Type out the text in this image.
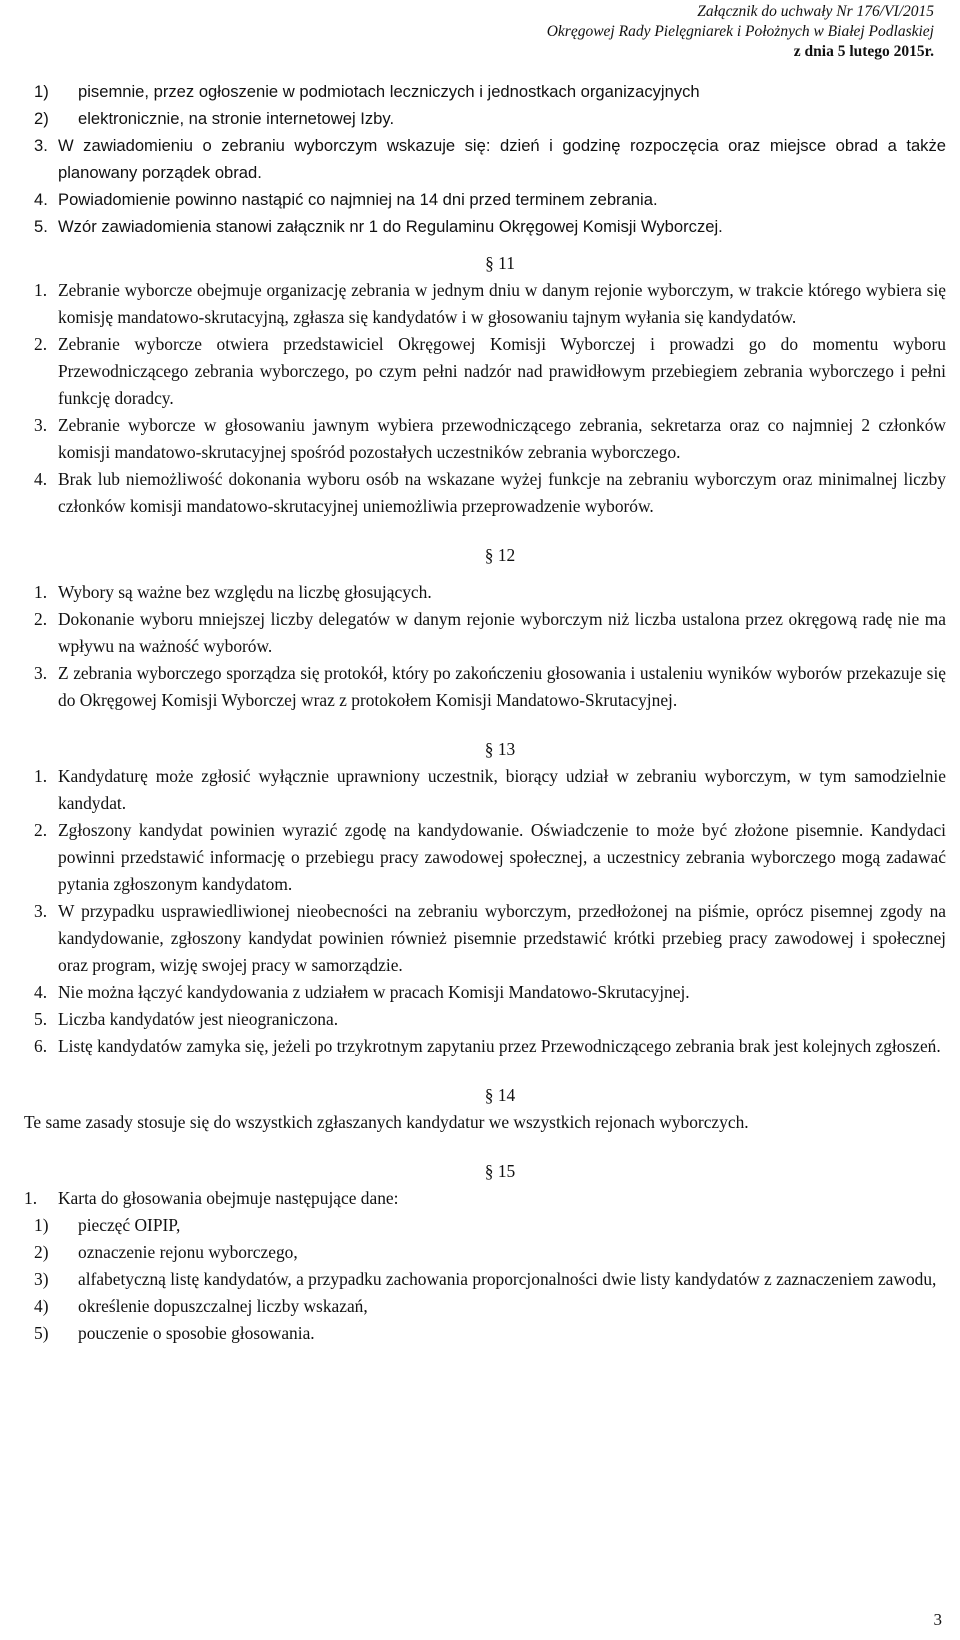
Załącznik do uchwały Nr 176/VI/2015
Okręgowej Rady Pielęgniarek i Położnych w Białej Podlaskiej
z dnia 5 lutego 2015r.
1) pisemnie, przez ogłoszenie w podmiotach leczniczych i jednostkach organizacyjnych
2) elektronicznie, na stronie internetowej Izby.
3. W zawiadomieniu o zebraniu wyborczym wskazuje się: dzień i godzinę rozpoczęcia oraz miejsce obrad a także planowany porządek obrad.
4. Powiadomienie powinno nastąpić co najmniej na 14 dni przed terminem zebrania.
5. Wzór zawiadomienia stanowi załącznik nr 1 do Regulaminu Okręgowej Komisji Wyborczej.
§ 11
1. Zebranie wyborcze obejmuje organizację zebrania w jednym dniu w danym rejonie wyborczym, w trakcie którego wybiera się komisję mandatowo-skrutacyjną, zgłasza się kandydatów i w głosowaniu tajnym wyłania się kandydatów.
2. Zebranie wyborcze otwiera przedstawiciel Okręgowej Komisji Wyborczej i prowadzi go do momentu wyboru Przewodniczącego zebrania wyborczego, po czym pełni nadzór nad prawidłowym przebiegiem zebrania wyborczego i pełni funkcję doradcy.
3. Zebranie wyborcze w głosowaniu jawnym wybiera przewodniczącego zebrania, sekretarza oraz co najmniej 2 członków komisji mandatowo-skrutacyjnej spośród pozostałych uczestników zebrania wyborczego.
4. Brak lub niemożliwość dokonania wyboru osób na wskazane wyżej funkcje na zebraniu wyborczym oraz minimalnej liczby członków komisji mandatowo-skrutacyjnej uniemożliwia przeprowadzenie wyborów.
§ 12
1. Wybory są ważne bez względu na liczbę głosujących.
2. Dokonanie wyboru mniejszej liczby delegatów w danym rejonie wyborczym niż liczba ustalona przez okręgową radę nie ma wpływu na ważność wyborów.
3. Z zebrania wyborczego sporządza się protokół, który po zakończeniu głosowania i ustaleniu wyników wyborów przekazuje się do Okręgowej Komisji Wyborczej wraz z protokołem Komisji Mandatowo-Skrutacyjnej.
§ 13
1. Kandydaturę może zgłosić wyłącznie uprawniony uczestnik, biorący udział w zebraniu wyborczym, w tym samodzielnie kandydat.
2. Zgłoszony kandydat powinien wyrazić zgodę na kandydowanie. Oświadczenie to może być złożone pisemnie. Kandydaci powinni przedstawić informację o przebiegu pracy zawodowej społecznej, a uczestnicy zebrania wyborczego mogą zadawać pytania zgłoszonym kandydatom.
3. W przypadku usprawiedliwionej nieobecności na zebraniu wyborczym, przedłożonej na piśmie, oprócz pisemnej zgody na kandydowanie, zgłoszony kandydat powinien również pisemnie przedstawić krótki przebieg pracy zawodowej i społecznej oraz program, wizję swojej pracy w samorządzie.
4. Nie można łączyć kandydowania z udziałem w pracach Komisji Mandatowo-Skrutacyjnej.
5. Liczba kandydatów jest nieograniczona.
6. Listę kandydatów zamyka się, jeżeli po trzykrotnym zapytaniu przez Przewodniczącego zebrania brak jest kolejnych zgłoszeń.
§ 14
Te same zasady stosuje się do wszystkich zgłaszanych kandydatur we wszystkich rejonach wyborczych.
§ 15
1. Karta do głosowania obejmuje następujące dane:
1) pieczęć OIPIP,
2) oznaczenie rejonu wyborczego,
3) alfabetyczną listę kandydatów, a przypadku zachowania proporcjonalności dwie listy kandydatów z zaznaczeniem zawodu,
4) określenie dopuszczalnej liczby wskazań,
5) pouczenie o sposobie głosowania.
3
